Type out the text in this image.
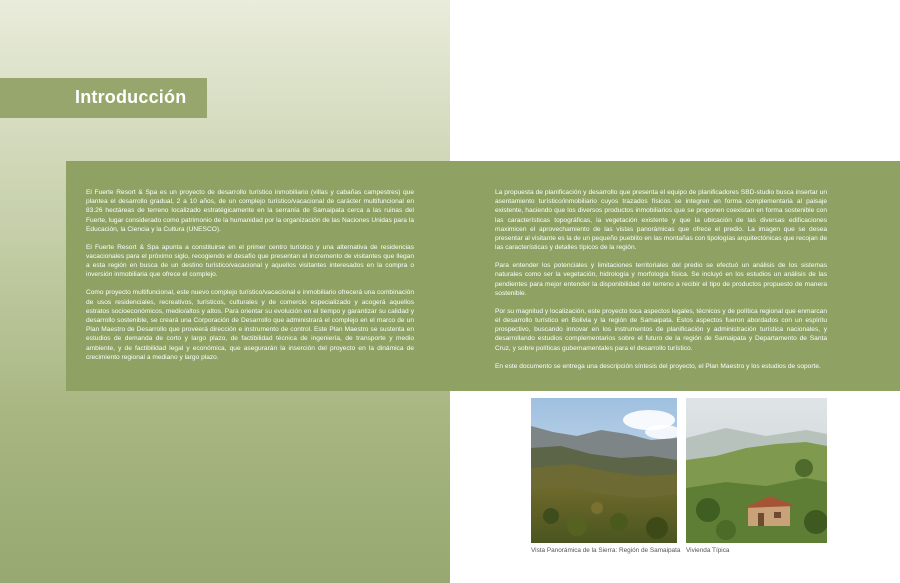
Introducción

El Fuerte Resort & Spa es un proyecto de desarrollo turístico inmobiliario (villas y cabañas campestres) que plantea el desarrollo gradual, 2 a 10 años, de un complejo turístico/vacacional de carácter multifuncional en 83.26 hectáreas de terreno localizado estratégicamente en la serranía de Samaipata cerca a las ruinas del Fuerte, lugar considerado como patrimonio de la humanidad por la organización de las Naciones Unidas para la Educación, la Ciencia y la Cultura (UNESCO).

El Fuerte Resort & Spa apunta a constituirse en el primer centro turístico y una alternativa de residencias vacacionales para el próximo siglo, recogiendo el desafío que presentan el incremento de visitantes que llegan a esta región en busca de un destino turístico/vacacional y aquellos visitantes interesados en la compra o inversión inmobiliaria que ofrece el complejo.

Como proyecto multifuncional, este nuevo complejo turístico/vacacional e inmobiliario ofrecerá una combinación de usos residenciales, recreativos, turísticos, culturales y de comercio especializado y acogerá aquellos estratos socioeconómicos, medio/altos y altos. Para orientar su evolución en el tiempo y garantizar su calidad y desarrollo sostenible, se creará una Corporación de Desarrollo que administrará el complejo en el marco de un Plan Maestro de Desarrollo que proveerá dirección e instrumento de control. Este Plan Maestro se sustenta en estudios de demanda de corto y largo plazo, de factibilidad técnica de ingeniería, de transporte y medio ambiente, y de factibilidad legal y económica, que asegurarán la inserción del proyecto en la dinámica de crecimiento regional a mediano y largo plazo.

La propuesta de planificación y desarrollo que presenta el equipo de planificadores SBD-studio busca insertar un asentamiento turístico/inmobiliario cuyos trazados físicos se integren en forma complementaria al paisaje existente, haciendo que los diversos productos inmobiliarios que se proponen coexistan en forma sostenible con las características topográficas, la vegetación existente y que la ubicación de las diversas edificaciones maximicen el aprovechamiento de las vistas panorámicas que ofrece el predio. La imagen que se desea presentar al visitante es la de un pequeño pueblito en las montañas con tipologías arquitectónicas que recojan de las características y detalles típicos de la región.

Para entender los potenciales y limitaciones territoriales del predio se efectuó un análisis de los sistemas naturales como ser la vegetación, hidrología y morfología física. Se incluyó en los estudios un análisis de las pendientes para mejor entender la disponibilidad del terreno a recibir el tipo de productos propuesto de manera sostenible.

Por su magnitud y localización, este proyecto toca aspectos legales, técnicos y de política regional que enmarcan el desarrollo turístico en Bolivia y la región de Samaipata. Estos aspectos fueron abordados con un espíritu prospectivo, buscando innovar en los instrumentos de planificación y administración turística nacionales, y desarrollando estudios complementarios sobre el futuro de la región de Samaipata y Departamento de Santa Cruz, y sobre políticas gubernamentales para el desarrollo turístico.

En este documento se entrega una descripción síntesis del proyecto, el Plan Maestro y los estudios de soporte.

Vista Panorámica de la Sierra: Región de Samaipata Vivienda Típica
